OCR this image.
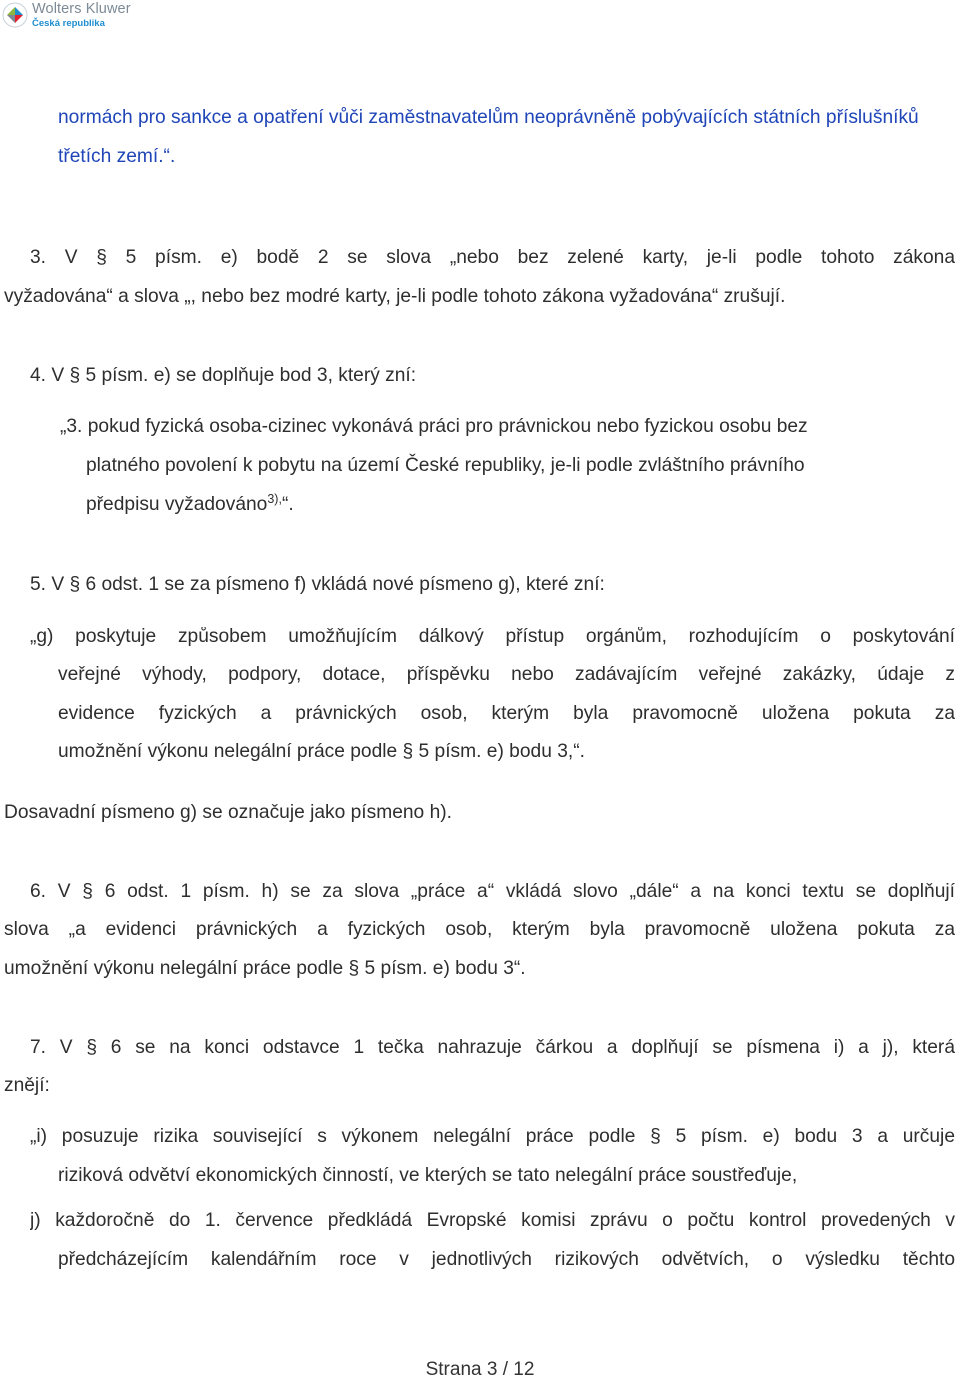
Wolters Kluwer
Česká republika
normách pro sankce a opatření vůči zaměstnavatelům neoprávněně pobývajících státních příslušníků
třetích zemí.“.
3. V § 5 písm. e) bodě 2 se slova „nebo bez zelené karty, je-li podle tohoto zákona
vyžadována“ a slova „, nebo bez modré karty, je-li podle tohoto zákona vyžadována“ zrušují.
4. V § 5 písm. e) se doplňuje bod 3, který zní:
„3. pokud fyzická osoba-cizinec vykonává práci pro právnickou nebo fyzickou osobu bez
platného povolení k pobytu na území České republiky, je-li podle zvláštního právního
předpisu vyžadováno$^{3),}$“.
5. V § 6 odst. 1 se za písmeno f) vkládá nové písmeno g), které zní:
„g) poskytuje způsobem umožňujícím dálkový přístup orgánům, rozhodujícím o poskytování
veřejné výhody, podpory, dotace, příspěvku nebo zadávajícím veřejné zakázky, údaje z
evidence fyzických a právnických osob, kterým byla pravomocně uložena pokuta za
umožnění výkonu nelegální práce podle § 5 písm. e) bodu 3,“.
Dosavadní písmeno g) se označuje jako písmeno h).
6. V § 6 odst. 1 písm. h) se za slova „práce a“ vkládá slovo „dále“ a na konci textu se doplňují
slova „a evidenci právnických a fyzických osob, kterým byla pravomocně uložena pokuta za
umožnění výkonu nelegální práce podle § 5 písm. e) bodu 3“.
7. V § 6 se na konci odstavce 1 tečka nahrazuje čárkou a doplňují se písmena i) a j), která
znějí:
„i) posuzuje rizika související s výkonem nelegální práce podle § 5 písm. e) bodu 3 a určuje
riziková odvětví ekonomických činností, ve kterých se tato nelegální práce soustřeďuje,
j) každoročně do 1. července předkládá Evropské komisi zprávu o počtu kontrol provedených v
předcházejícím kalendářním roce v jednotlivých rizikových odvětvích, o výsledku těchto
Strana 3 / 12
